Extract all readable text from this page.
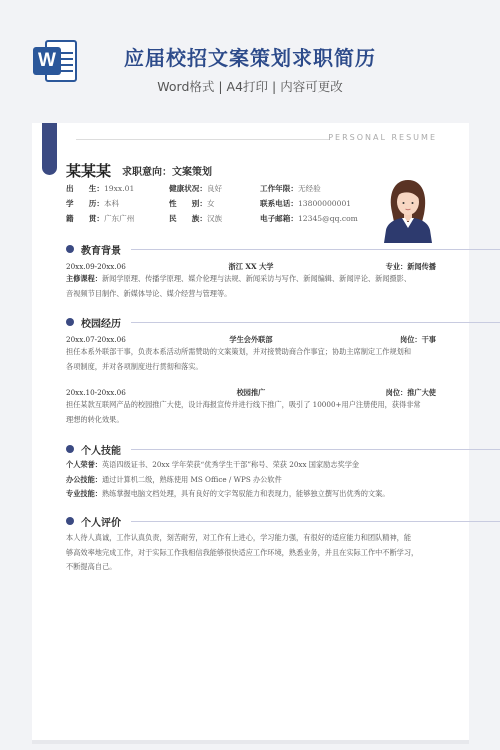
W	应届校招文案策划求职简历
Word格式 | A4打印 | 内容可更改
PERSONAL RESUME
某某某 求职意向：文案策划
出　　生：19xx.01	健康状况：良好	工作年限：无经验
学　　历：本科	性　　别：女	联系电话：13800000001
籍　　贯：广东广州	民　　族：汉族	电子邮箱：12345@qq.com
教育背景
20xx.09-20xx.06	浙江 XX 大学	专业：新闻传播

主修课程：新闻学原理、传播学原理、媒介伦理与法规、新闻采访与写作、新闻编辑、新闻评论、新闻摄影、

音视频节目制作、新媒体导论、媒介经营与管理等。

校园经历
20xx.07-20xx.06	学生会外联部	岗位：干事

担任本系外联部干事，负责本系活动所需赞助的文案策划，并对接赞助商合作事宜；协助主席制定工作规划和

各项制度，并对各项制度进行贯彻和落实。

20xx.10-20xx.06	校园推广	岗位：推广大使

担任某款互联网产品的校园推广大使，设计海报宣传并进行线下推广，吸引了 10000+用户注册使用，获得非常

理想的转化效果。

个人技能

个人荣誉：英语四级证书、20xx 学年荣获“优秀学生干部”称号、荣获 20xx 国家励志奖学金

办公技能：通过计算机二级，熟练使用 MS Office / WPS 办公软件

专业技能：熟练掌握电脑文档处理，具有良好的文字驾驭能力和表现力，能够独立撰写出优秀的文案。

个人评价

本人待人真诚，工作认真负责，刻苦耐劳，对工作有上进心，学习能力强，有很好的适应能力和团队精神，能

够高效率地完成工作，对于实际工作我相信我能够很快适应工作环境，熟悉业务，并且在实际工作中不断学习，

不断提高自己。
